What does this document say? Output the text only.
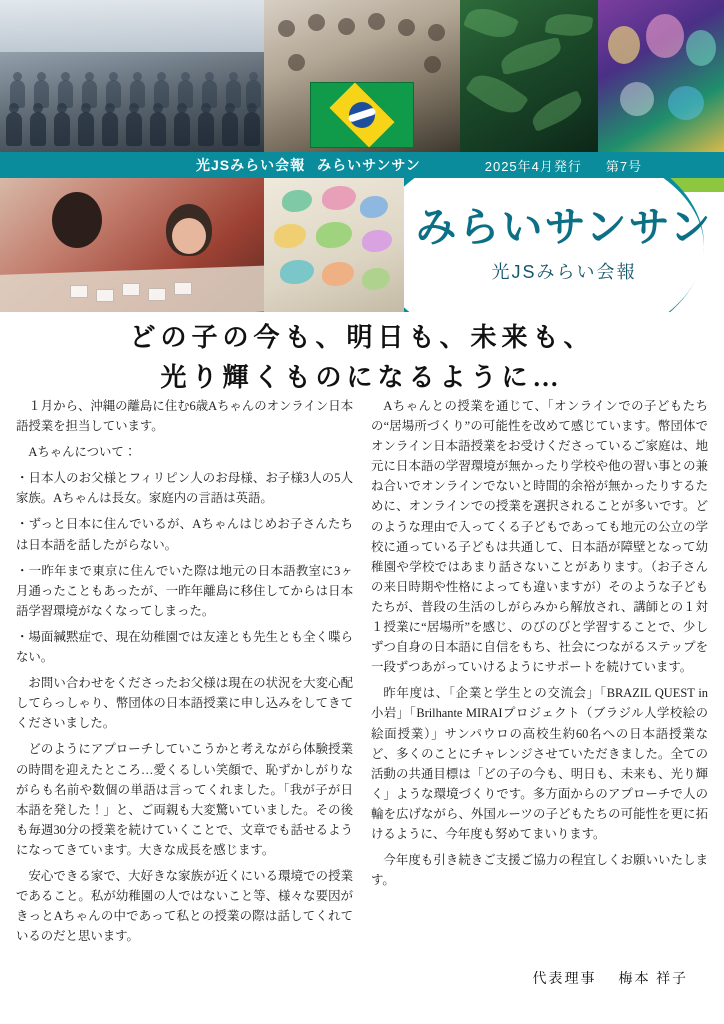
光JSみらい会報 みらいサンサン	2025年4月発行 第7号
みらいサンサン
光JSみらい会報
どの子の今も、明日も、未来も、
光り輝くものになるように…

１月から、沖縄の離島に住む6歳Aちゃんのオンライン日本語授業を担当しています。

Aちゃんについて：

・日本人のお父様とフィリピン人のお母様、お子様3人の5人家族。Aちゃんは長女。家庭内の言語は英語。

・ずっと日本に住んでいるが、Aちゃんはじめお子さんたちは日本語を話したがらない。

・一昨年まで東京に住んでいた際は地元の日本語教室に3ヶ月通ったこともあったが、一昨年離島に移住してからは日本語学習環境がなくなってしまった。

・場面緘黙症で、現在幼稚園では友達とも先生とも全く喋らない。

お問い合わせをくださったお父様は現在の状況を大変心配してらっしゃり、幣団体の日本語授業に申し込みをしてきてくださいました。

どのようにアプローチしていこうかと考えながら体験授業の時間を迎えたところ…愛くるしい笑顔で、恥ずかしがりながらも名前や数個の単語は言ってくれました。「我が子が日本語を発した！」と、ご両親も大変驚いていました。その後も毎週30分の授業を続けていくことで、文章でも話せるようになってきています。大きな成長を感じます。

安心できる家で、大好きな家族が近くにいる環境での授業であること。私が幼稚園の人ではないこと等、様々な要因がきっとAちゃんの中であって私との授業の際は話してくれているのだと思います。

Aちゃんとの授業を通じて、「オンラインでの子どもたちの“居場所づくり”の可能性を改めて感じています。幣団体でオンライン日本語授業をお受けくださっているご家庭は、地元に日本語の学習環境が無かったり学校や他の習い事との兼ね合いでオンラインでないと時間的余裕が無かったりするために、オンラインでの授業を選択されることが多いです。どのような理由で入ってくる子どもであっても地元の公立の学校に通っている子どもは共通して、日本語が障壁となって幼稚園や学校ではあまり話さないことがあります。（お子さんの来日時期や性格によっても違いますが）そのような子どもたちが、普段の生活のしがらみから解放され、講師との１対１授業に“居場所”を感じ、のびのびと学習することで、少しずつ自身の日本語に自信をもち、社会につながるステップを一段ずつあがっていけるようにサポートを続けています。

昨年度は、「企業と学生との交流会」「BRAZIL QUEST in 小岩」「Brilhante MIRAIプロジェクト（ブラジル人学校絵の絵面授業）」サンパウロの高校生約60名への日本語授業など、多くのことにチャレンジさせていただきました。全ての活動の共通目標は「どの子の今も、明日も、未来も、光り輝く」ような環境づくりです。多方面からのアプローチで人の輪を広げながら、外国ルーツの子どもたちの可能性を更に拓けるように、今年度も努めてまいります。

今年度も引き続きご支援ご協力の程宜しくお願いいたします。

代表理事 梅本 祥子
